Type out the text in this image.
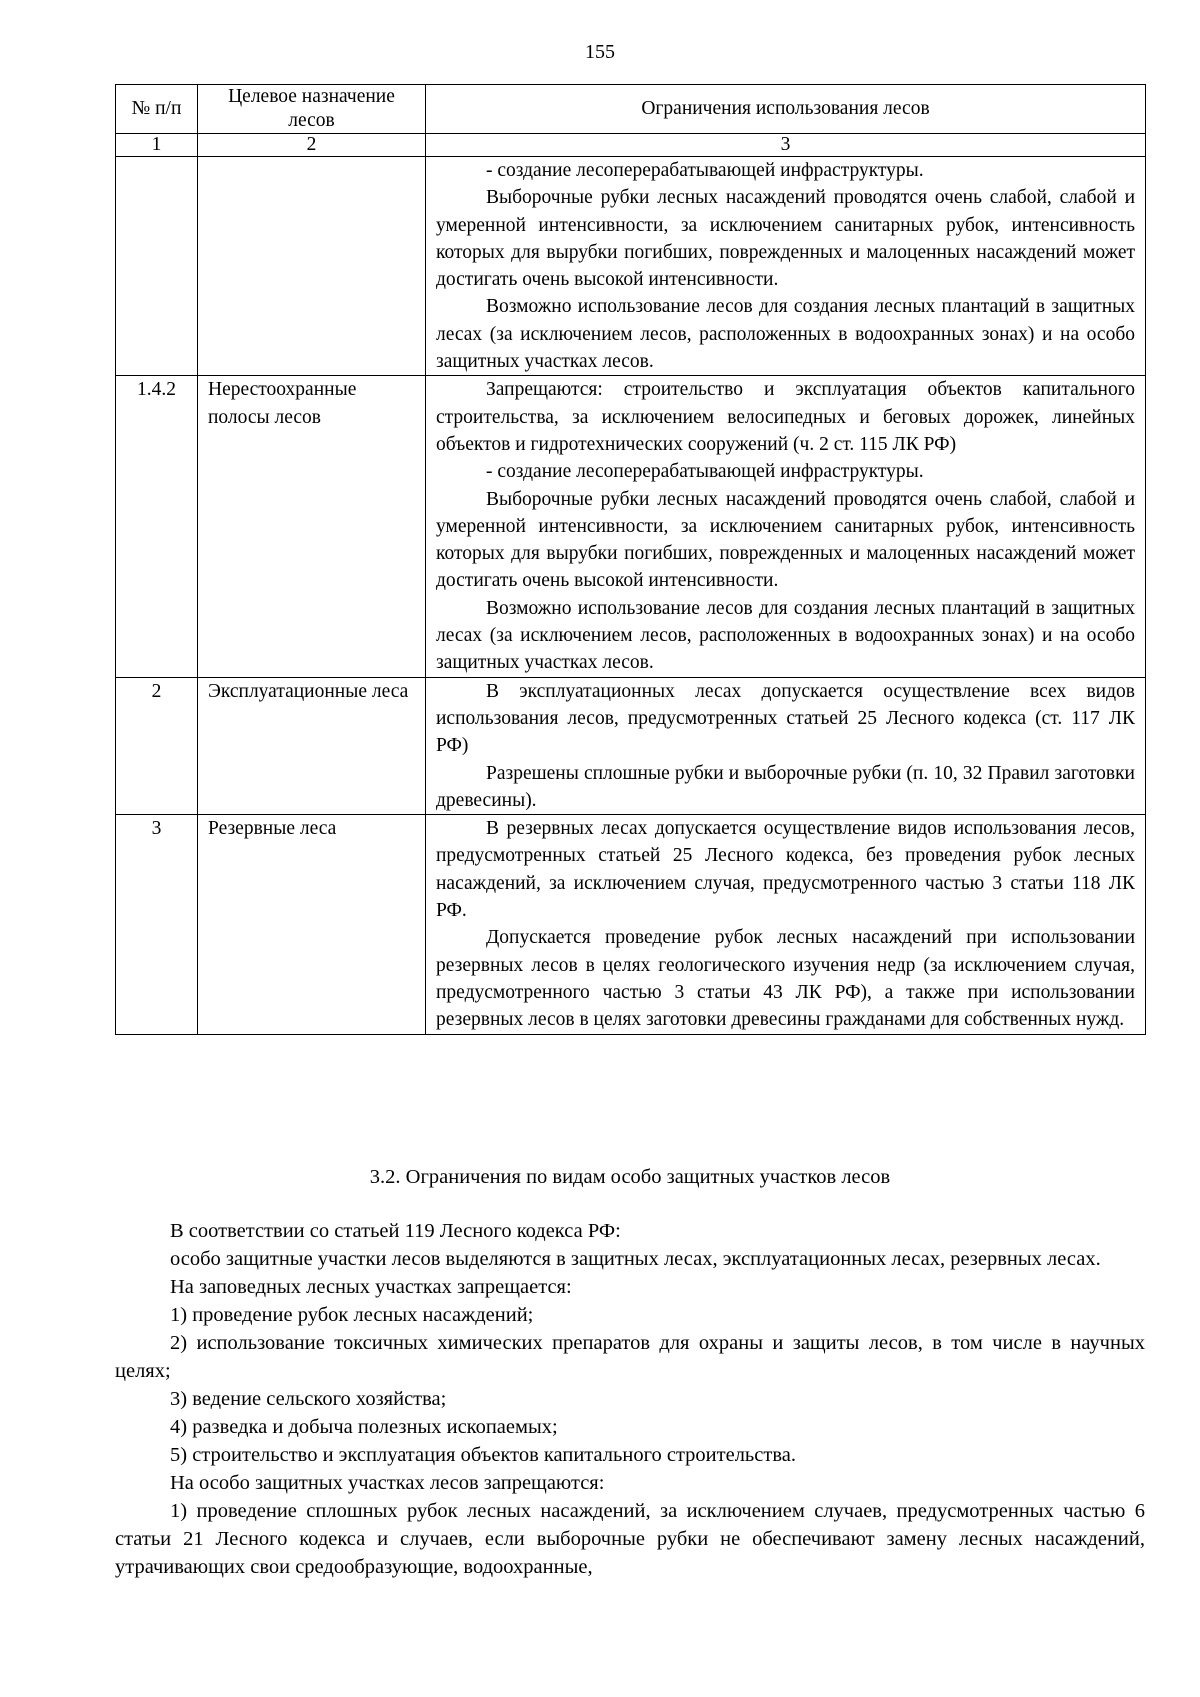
155
№ п/п	Целевое назначение лесов	Ограничения использования лесов
1	2	3

		- создание лесоперерабатывающей инфраструктуры.

Выборочные рубки лесных насаждений проводятся очень слабой, слабой и умеренной интенсивности, за исключением санитарных рубок, интенсивность которых для вырубки погибших, поврежденных и малоценных насаждений может достигать очень высокой интенсивности.

Возможно использование лесов для создания лесных плантаций в защитных лесах (за исключением лесов, расположенных в водоохранных зонах) и на особо защитных участках лесов.

1.4.2	Нерестоохранные полосы лесов	Запрещаются: строительство и эксплуатация объектов капитального строительства, за исключением велосипедных и беговых дорожек, линейных объектов и гидротехнических сооружений (ч. 2 ст. 115 ЛК РФ)

- создание лесоперерабатывающей инфраструктуры.

Выборочные рубки лесных насаждений проводятся очень слабой, слабой и умеренной интенсивности, за исключением санитарных рубок, интенсивность которых для вырубки погибших, поврежденных и малоценных насаждений может достигать очень высокой интенсивности.

Возможно использование лесов для создания лесных плантаций в защитных лесах (за исключением лесов, расположенных в водоохранных зонах) и на особо защитных участках лесов.

2	Эксплуатационные леса	В эксплуатационных лесах допускается осуществление всех видов использования лесов, предусмотренных статьей 25 Лесного кодекса (ст. 117 ЛК РФ)

Разрешены сплошные рубки и выборочные рубки (п. 10, 32 Правил заготовки древесины).

3	Резервные леса	В резервных лесах допускается осуществление видов использования лесов, предусмотренных статьей 25 Лесного кодекса, без проведения рубок лесных насаждений, за исключением случая, предусмотренного частью 3 статьи 118 ЛК РФ.

Допускается проведение рубок лесных насаждений при использовании резервных лесов в целях геологического изучения недр (за исключением случая, предусмотренного частью 3 статьи 43 ЛК РФ), а также при использовании резервных лесов в целях заготовки древесины гражданами для собственных нужд.

3.2. Ограничения по видам особо защитных участков лесов

В соответствии со статьей 119 Лесного кодекса РФ:

особо защитные участки лесов выделяются в защитных лесах, эксплуатационных лесах, резервных лесах.

На заповедных лесных участках запрещается:

1) проведение рубок лесных насаждений;

2) использование токсичных химических препаратов для охраны и защиты лесов, в том числе в научных целях;

3) ведение сельского хозяйства;

4) разведка и добыча полезных ископаемых;

5) строительство и эксплуатация объектов капитального строительства.

На особо защитных участках лесов запрещаются:

1) проведение сплошных рубок лесных насаждений, за исключением случаев, предусмотренных частью 6 статьи 21 Лесного кодекса и случаев, если выборочные рубки не обеспечивают замену лесных насаждений, утрачивающих свои средообразующие, водоохранные,
